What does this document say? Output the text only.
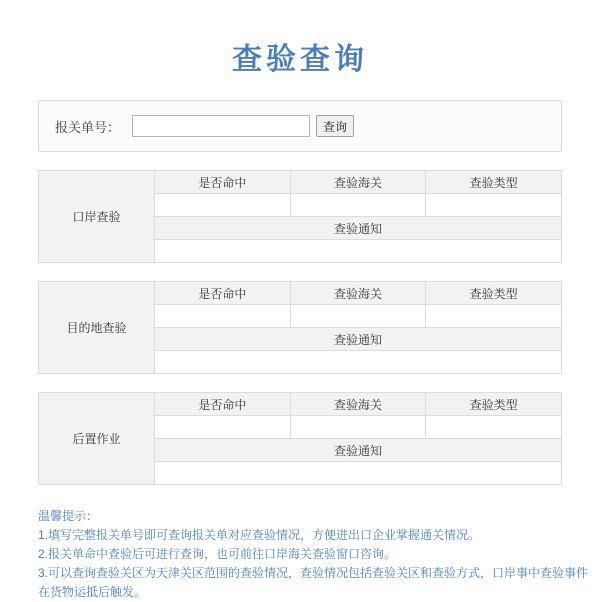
查验查询
报关单号：	查询
口岸查验	是否命中	查验海关	查验类型

	查验通知		

目的地查验	是否命中	查验海关	查验类型

	查验通知		

后置作业	是否命中	查验海关	查验类型

	查验通知		

温馨提示：
1.填写完整报关单号即可查询报关单对应查验情况，方便进出口企业掌握通关情况。
2.报关单命中查验后可进行查询，也可前往口岸海关查验窗口咨询。
3.可以查询查验关区为天津关区范围的查验情况，查验情况包括查验关区和查验方式，口岸事中查验事件
在货物运抵后触发。
